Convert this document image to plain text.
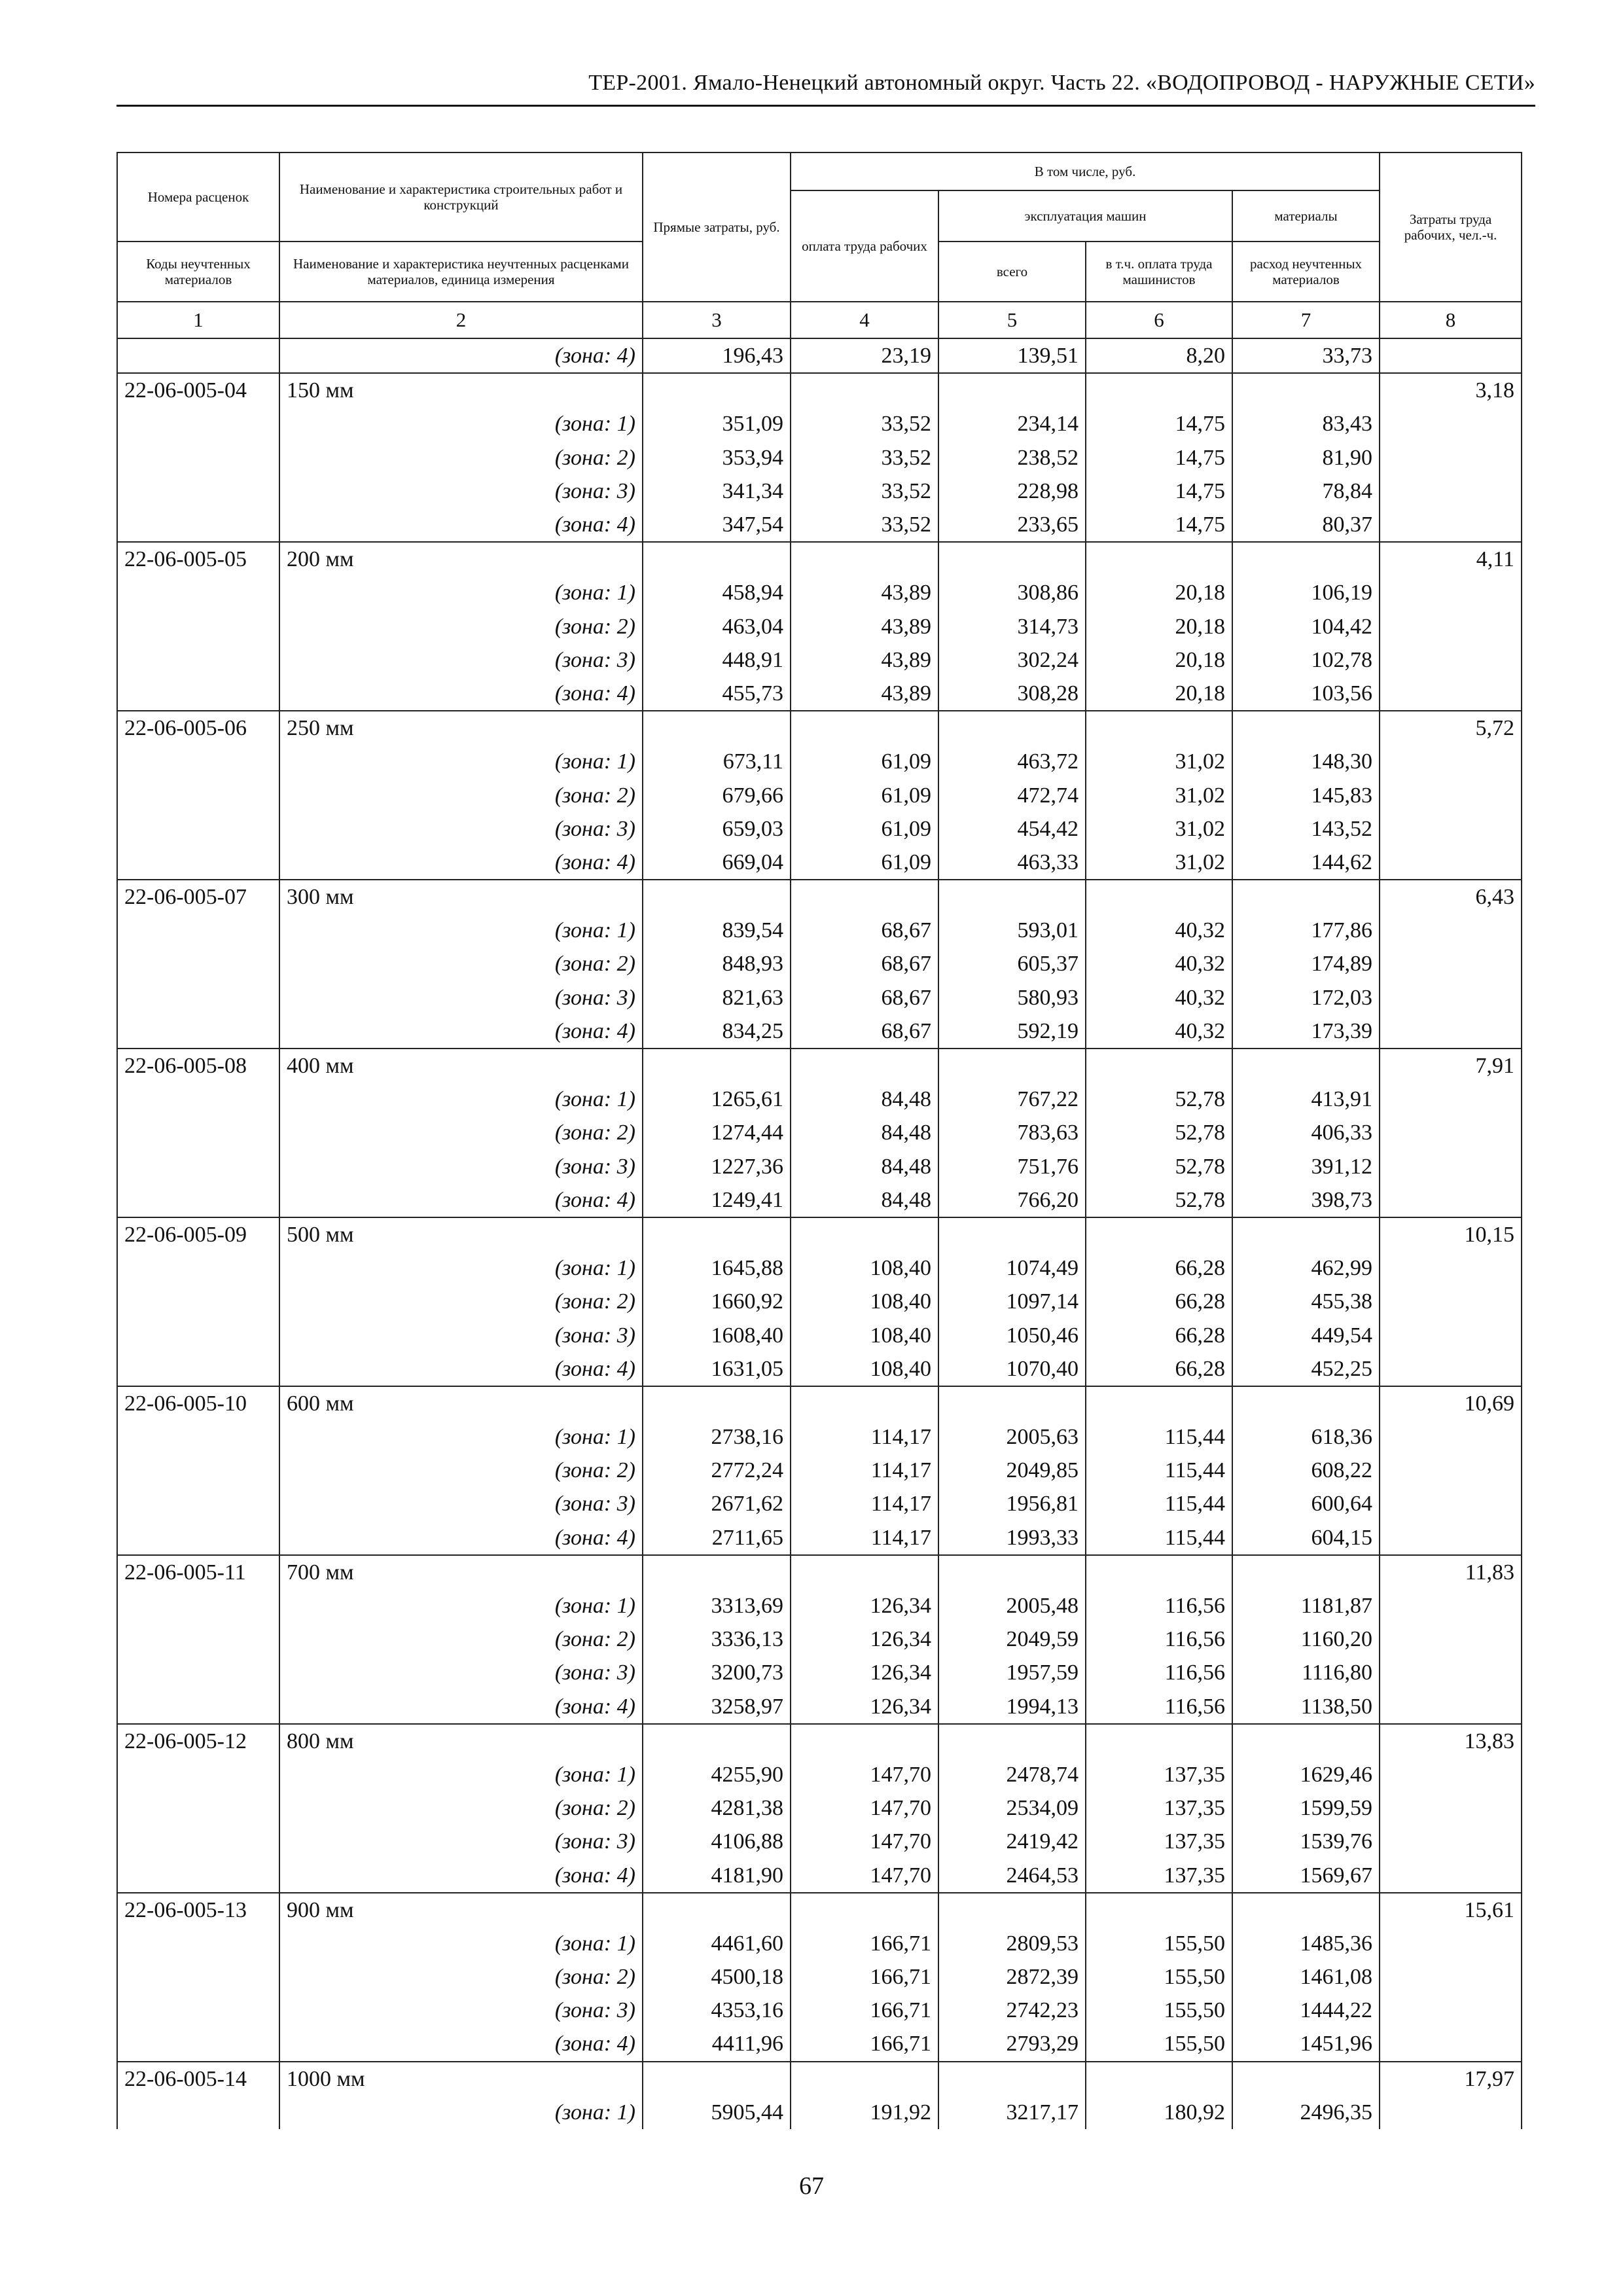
ТЕР-2001. Ямало-Ненецкий автономный округ. Часть 22. «ВОДОПРОВОД - НАРУЖНЫЕ СЕТИ»
Номера расценок	Наименование и характеристика строительных работ и конструкций	Прямые затраты, руб.	В том числе, руб.				Затраты труда рабочих, чел.-ч.
			оплата труда рабочих	эксплуатация машин		материалы	
Коды неучтенных материалов	Наименование и характеристика неучтенных расценками материалов, единица измерения			всего	в т.ч. оплата труда машинистов	расход неучтенных материалов	
1	2	3	4	5	6	7	8
	(зона: 4)	196,43	23,19	139,51	8,20	33,73	
22-06-005-04	150 мм						3,18
	(зона: 1)	351,09	33,52	234,14	14,75	83,43	
	(зона: 2)	353,94	33,52	238,52	14,75	81,90	
	(зона: 3)	341,34	33,52	228,98	14,75	78,84	
	(зона: 4)	347,54	33,52	233,65	14,75	80,37	
22-06-005-05	200 мм						4,11
	(зона: 1)	458,94	43,89	308,86	20,18	106,19	
	(зона: 2)	463,04	43,89	314,73	20,18	104,42	
	(зона: 3)	448,91	43,89	302,24	20,18	102,78	
	(зона: 4)	455,73	43,89	308,28	20,18	103,56	
22-06-005-06	250 мм						5,72
	(зона: 1)	673,11	61,09	463,72	31,02	148,30	
	(зона: 2)	679,66	61,09	472,74	31,02	145,83	
	(зона: 3)	659,03	61,09	454,42	31,02	143,52	
	(зона: 4)	669,04	61,09	463,33	31,02	144,62	
22-06-005-07	300 мм						6,43
	(зона: 1)	839,54	68,67	593,01	40,32	177,86	
	(зона: 2)	848,93	68,67	605,37	40,32	174,89	
	(зона: 3)	821,63	68,67	580,93	40,32	172,03	
	(зона: 4)	834,25	68,67	592,19	40,32	173,39	
22-06-005-08	400 мм						7,91
	(зона: 1)	1265,61	84,48	767,22	52,78	413,91	
	(зона: 2)	1274,44	84,48	783,63	52,78	406,33	
	(зона: 3)	1227,36	84,48	751,76	52,78	391,12	
	(зона: 4)	1249,41	84,48	766,20	52,78	398,73	
22-06-005-09	500 мм						10,15
	(зона: 1)	1645,88	108,40	1074,49	66,28	462,99	
	(зона: 2)	1660,92	108,40	1097,14	66,28	455,38	
	(зона: 3)	1608,40	108,40	1050,46	66,28	449,54	
	(зона: 4)	1631,05	108,40	1070,40	66,28	452,25	
22-06-005-10	600 мм						10,69
	(зона: 1)	2738,16	114,17	2005,63	115,44	618,36	
	(зона: 2)	2772,24	114,17	2049,85	115,44	608,22	
	(зона: 3)	2671,62	114,17	1956,81	115,44	600,64	
	(зона: 4)	2711,65	114,17	1993,33	115,44	604,15	
22-06-005-11	700 мм						11,83
	(зона: 1)	3313,69	126,34	2005,48	116,56	1181,87	
	(зона: 2)	3336,13	126,34	2049,59	116,56	1160,20	
	(зона: 3)	3200,73	126,34	1957,59	116,56	1116,80	
	(зона: 4)	3258,97	126,34	1994,13	116,56	1138,50	
22-06-005-12	800 мм						13,83
	(зона: 1)	4255,90	147,70	2478,74	137,35	1629,46	
	(зона: 2)	4281,38	147,70	2534,09	137,35	1599,59	
	(зона: 3)	4106,88	147,70	2419,42	137,35	1539,76	
	(зона: 4)	4181,90	147,70	2464,53	137,35	1569,67	
22-06-005-13	900 мм						15,61
	(зона: 1)	4461,60	166,71	2809,53	155,50	1485,36	
	(зона: 2)	4500,18	166,71	2872,39	155,50	1461,08	
	(зона: 3)	4353,16	166,71	2742,23	155,50	1444,22	
	(зона: 4)	4411,96	166,71	2793,29	155,50	1451,96	
22-06-005-14	1000 мм						17,97
	(зона: 1)	5905,44	191,92	3217,17	180,92	2496,35	
67
